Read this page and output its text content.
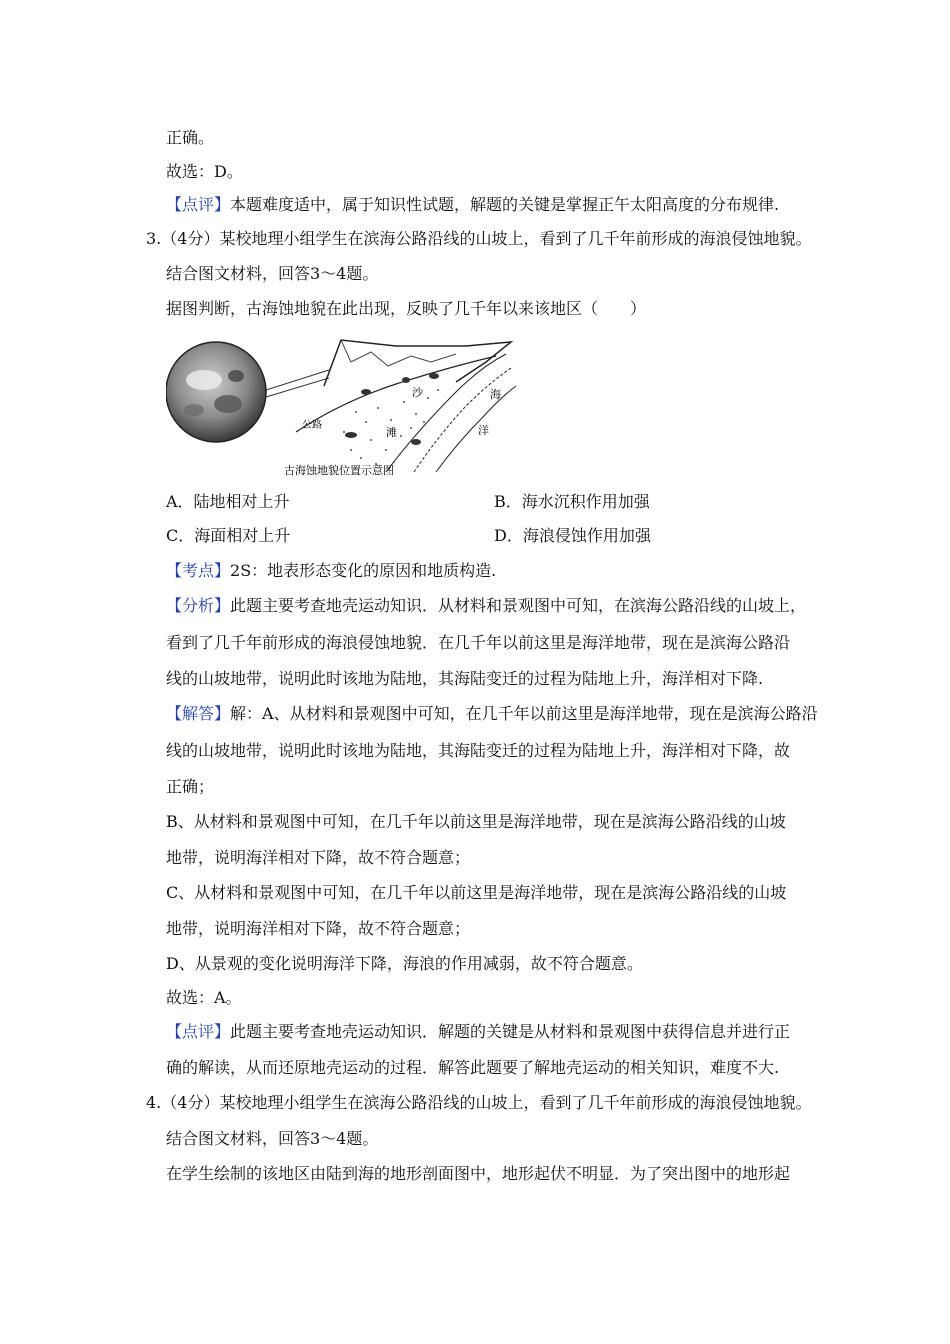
正确。
故选：D。
【点评】本题难度适中，属于知识性试题，解题的关键是掌握正午太阳高度的分布规律.
3.（4分）某校地理小组学生在滨海公路沿线的山坡上，看到了几千年前形成的海浪侵蚀地貌。
结合图文材料，回答3～4题。
据图判断，古海蚀地貌在此出现，反映了几千年以来该地区（　　）
沙
公路
滩
海
洋
古海蚀地貌位置示意图
A．陆地相对上升	B．海水沉积作用加强
C．海面相对上升	D．海浪侵蚀作用加强
【考点】2S：地表形态变化的原因和地质构造.
【分析】此题主要考查地壳运动知识．从材料和景观图中可知，在滨海公路沿线的山坡上，
看到了几千年前形成的海浪侵蚀地貌．在几千年以前这里是海洋地带，现在是滨海公路沿
线的山坡地带，说明此时该地为陆地，其海陆变迁的过程为陆地上升，海洋相对下降.
【解答】解：A、从材料和景观图中可知，在几千年以前这里是海洋地带，现在是滨海公路沿
线的山坡地带，说明此时该地为陆地，其海陆变迁的过程为陆地上升，海洋相对下降，故
正确；
B、从材料和景观图中可知，在几千年以前这里是海洋地带，现在是滨海公路沿线的山坡
地带，说明海洋相对下降，故不符合题意；
C、从材料和景观图中可知，在几千年以前这里是海洋地带，现在是滨海公路沿线的山坡
地带，说明海洋相对下降，故不符合题意；
D、从景观的变化说明海洋下降，海浪的作用减弱，故不符合题意。
故选：A。
【点评】此题主要考查地壳运动知识．解题的关键是从材料和景观图中获得信息并进行正
确的解读，从而还原地壳运动的过程．解答此题要了解地壳运动的相关知识，难度不大.
4.（4分）某校地理小组学生在滨海公路沿线的山坡上，看到了几千年前形成的海浪侵蚀地貌。
结合图文材料，回答3～4题。
在学生绘制的该地区由陆到海的地形剖面图中，地形起伏不明显．为了突出图中的地形起
